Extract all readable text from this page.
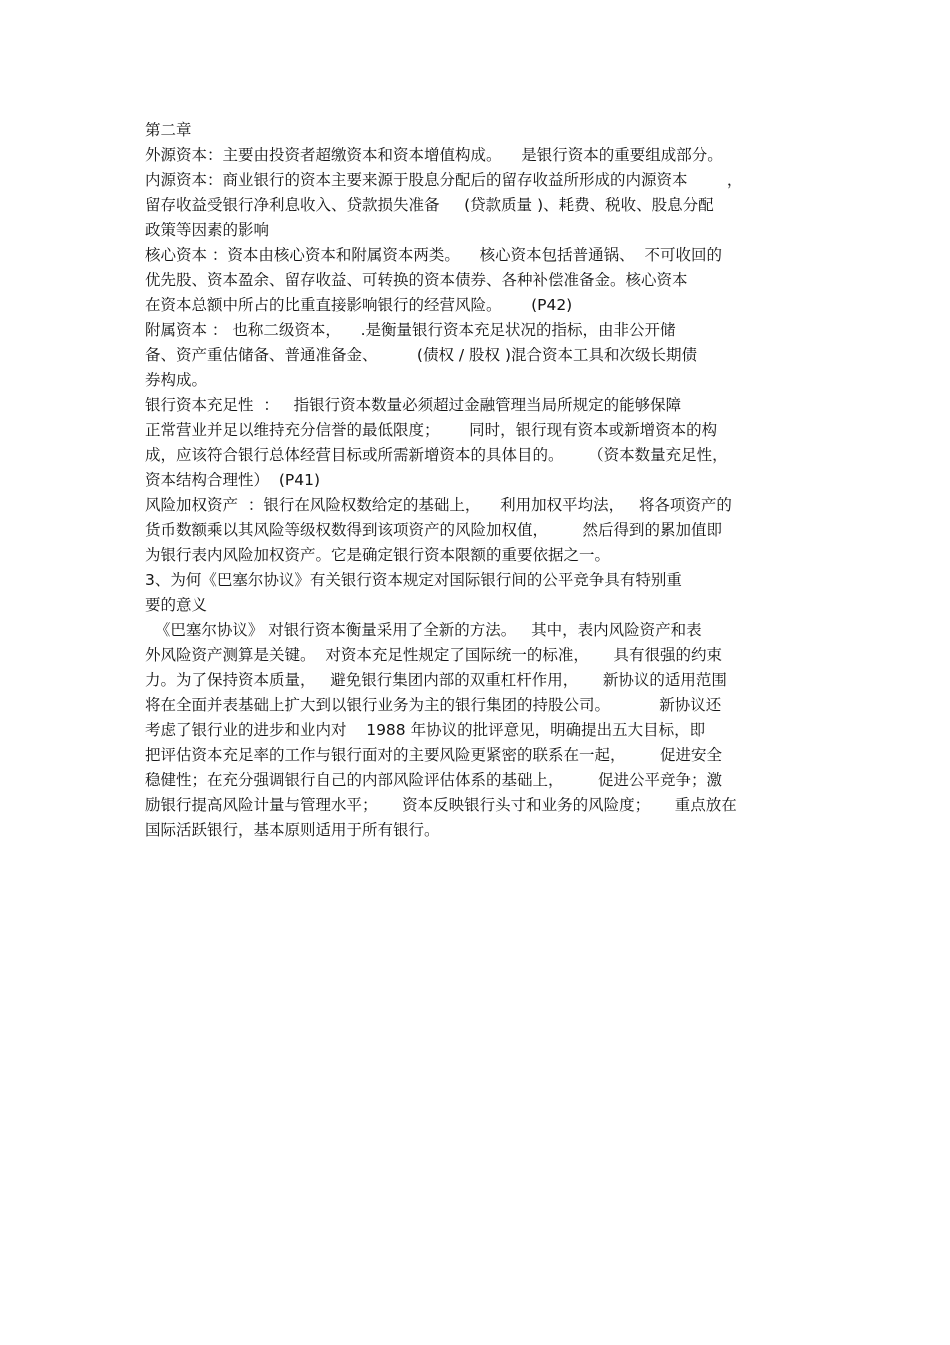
第二章
外源资本：主要由投资者超缴资本和资本增值构成。    是银行资本的重要组成部分。
内源资本：商业银行的资本主要来源于股息分配后的留存收益所形成的内源资本        ，
留存收益受银行净利息收入、贷款损失准备     (贷款质量 )、耗费、税收、股息分配
政策等因素的影响
核心资本 ：资本由核心资本和附属资本两类。    核心资本包括普通锅、  不可收回的
优先股、资本盈余、留存收益、可转换的资本债券、各种补偿准备金。核心资本
在资本总额中所占的比重直接影响银行的经营风险。      (P42)
附属资本 ： 也称二级资本，    .是衡量银行资本充足状况的指标，由非公开储
备、资产重估储备、普通准备金、        (债权 / 股权 )混合资本工具和次级长期债
券构成。
银行资本充足性  ：   指银行资本数量必须超过金融管理当局所规定的能够保障
正常营业并足以维持充分信誉的最低限度；      同时，银行现有资本或新增资本的构
成，应该符合银行总体经营目标或所需新增资本的具体目的。     （资本数量充足性，
资本结构合理性）  (P41)
风险加权资产  ：银行在风险权数给定的基础上，    利用加权平均法，   将各项资产的
货币数额乘以其风险等级权数得到该项资产的风险加权值，       然后得到的累加值即
为银行表内风险加权资产。它是确定银行资本限额的重要依据之一。
3、为何《巴塞尔协议》有关银行资本规定对国际银行间的公平竞争具有特别重
要的意义
《巴塞尔协议》 对银行资本衡量采用了全新的方法。   其中，表内风险资产和表
外风险资产测算是关键。  对资本充足性规定了国际统一的标准，     具有很强的约束
力。为了保持资本质量，   避免银行集团内部的双重杠杆作用，     新协议的适用范围
将在全面并表基础上扩大到以银行业务为主的银行集团的持股公司。          新协议还
考虑了银行业的进步和业内对    1988 年协议的批评意见，明确提出五大目标，即
把评估资本充足率的工作与银行面对的主要风险更紧密的联系在一起，       促进安全
稳健性；在充分强调银行自己的内部风险评估体系的基础上，       促进公平竞争；激
励银行提高风险计量与管理水平；     资本反映银行头寸和业务的风险度；     重点放在
国际活跃银行，基本原则适用于所有银行。
